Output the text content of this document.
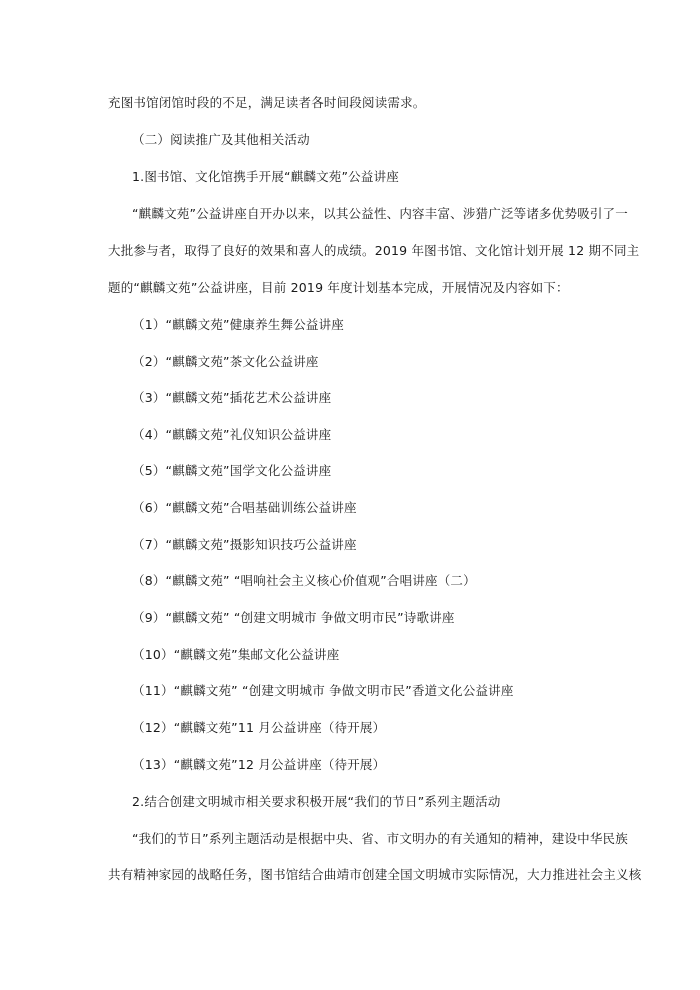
充图书馆闭馆时段的不足，满足读者各时间段阅读需求。
（二）阅读推广及其他相关活动
1.图书馆、文化馆携手开展“麒麟文苑”公益讲座
“麒麟文苑”公益讲座自开办以来，以其公益性、内容丰富、涉猎广泛等诸多优势吸引了一
大批参与者，取得了良好的效果和喜人的成绩。2019 年图书馆、文化馆计划开展 12 期不同主
题的“麒麟文苑”公益讲座，目前 2019 年度计划基本完成，开展情况及内容如下：
（1）“麒麟文苑”健康养生舞公益讲座
（2）“麒麟文苑”茶文化公益讲座
（3）“麒麟文苑”插花艺术公益讲座
（4）“麒麟文苑”礼仪知识公益讲座
（5）“麒麟文苑”国学文化公益讲座
（6）“麒麟文苑”合唱基础训练公益讲座
（7）“麒麟文苑”摄影知识技巧公益讲座
（8）“麒麟文苑” “唱响社会主义核心价值观”合唱讲座（二）
（9）“麒麟文苑” “创建文明城市 争做文明市民”诗歌讲座
（10）“麒麟文苑”集邮文化公益讲座
（11）“麒麟文苑” “创建文明城市 争做文明市民”香道文化公益讲座
（12）“麒麟文苑”11 月公益讲座（待开展）
（13）“麒麟文苑”12 月公益讲座（待开展）
2.结合创建文明城市相关要求积极开展“我们的节日”系列主题活动
“我们的节日”系列主题活动是根据中央、省、市文明办的有关通知的精神，建设中华民族
共有精神家园的战略任务，图书馆结合曲靖市创建全国文明城市实际情况，大力推进社会主义核
